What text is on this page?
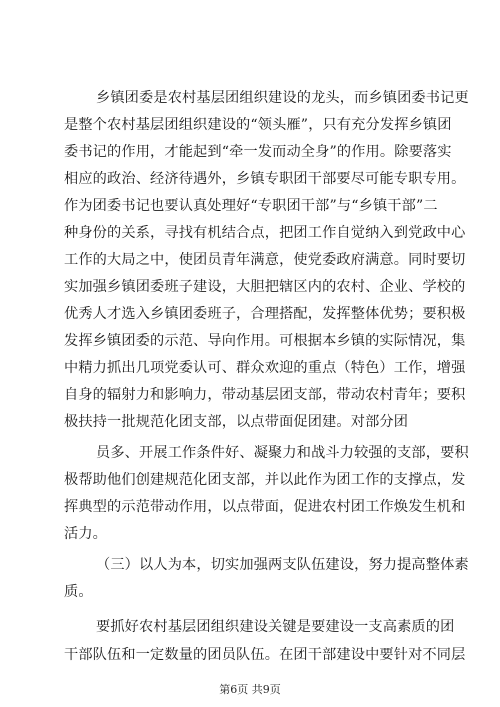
乡镇团委是农村基层团组织建设的龙头，而乡镇团委书记更
是整个农村基层团组织建设的“领头雁”，只有充分发挥乡镇团
委书记的作用，才能起到“牵一发而动全身”的作用。除要落实
相应的政治、经济待遇外，乡镇专职团干部要尽可能专职专用。
作为团委书记也要认真处理好“专职团干部”与“乡镇干部”二
种身份的关系，寻找有机结合点，把团工作自觉纳入到党政中心
工作的大局之中，使团员青年满意，使党委政府满意。同时要切
实加强乡镇团委班子建设，大胆把辖区内的农村、企业、学校的
优秀人才选入乡镇团委班子，合理搭配，发挥整体优势；要积极
发挥乡镇团委的示范、导向作用。可根据本乡镇的实际情况，集
中精力抓出几项党委认可、群众欢迎的重点（特色）工作，增强
自身的辐射力和影响力，带动基层团支部，带动农村青年；要积
极扶持一批规范化团支部，以点带面促团建。对部分团
员多、开展工作条件好、凝聚力和战斗力较强的支部，要积
极帮助他们创建规范化团支部，并以此作为团工作的支撑点，发
挥典型的示范带动作用，以点带面，促进农村团工作焕发生机和
活力。
（三）以人为本，切实加强两支队伍建设，努力提高整体素
质。
要抓好农村基层团组织建设关键是要建设一支高素质的团
干部队伍和一定数量的团员队伍。在团干部建设中要针对不同层
第6页 共9页
